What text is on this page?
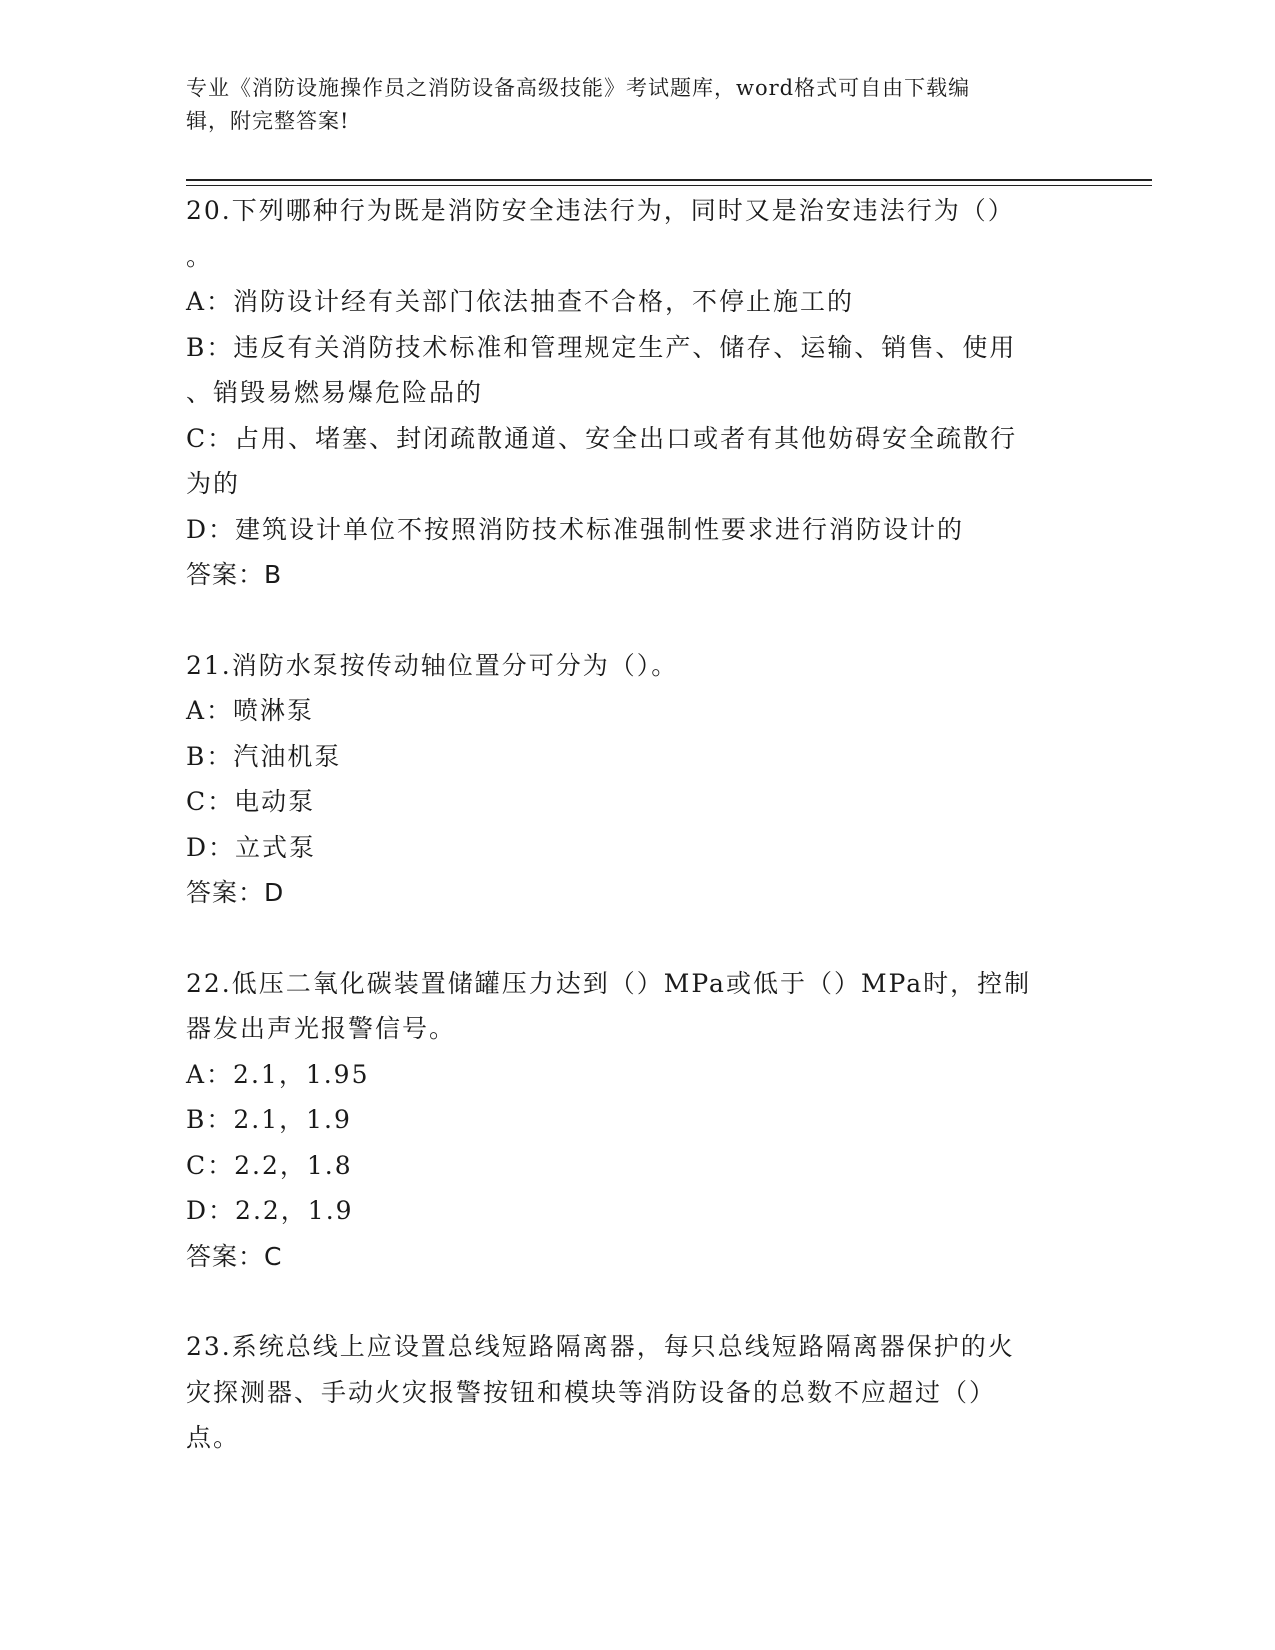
专业《消防设施操作员之消防设备高级技能》考试题库，word格式可自由下载编
辑，附完整答案!
20.下列哪种行为既是消防安全违法行为，同时又是治安违法行为（）
。
A：消防设计经有关部门依法抽查不合格，不停止施工的
B：违反有关消防技术标准和管理规定生产、储存、运输、销售、使用
、销毁易燃易爆危险品的
C：占用、堵塞、封闭疏散通道、安全出口或者有其他妨碍安全疏散行
为的
D：建筑设计单位不按照消防技术标准强制性要求进行消防设计的
答案：B
21.消防水泵按传动轴位置分可分为（）。
A：喷淋泵
B：汽油机泵
C：电动泵
D：立式泵
答案：D
22.低压二氧化碳装置储罐压力达到（）MPa或低于（）MPa时，控制
器发出声光报警信号。
A：2.1，1.95
B：2.1，1.9
C：2.2，1.8
D：2.2，1.9
答案：C
23.系统总线上应设置总线短路隔离器，每只总线短路隔离器保护的火
灾探测器、手动火灾报警按钮和模块等消防设备的总数不应超过（）
点。
